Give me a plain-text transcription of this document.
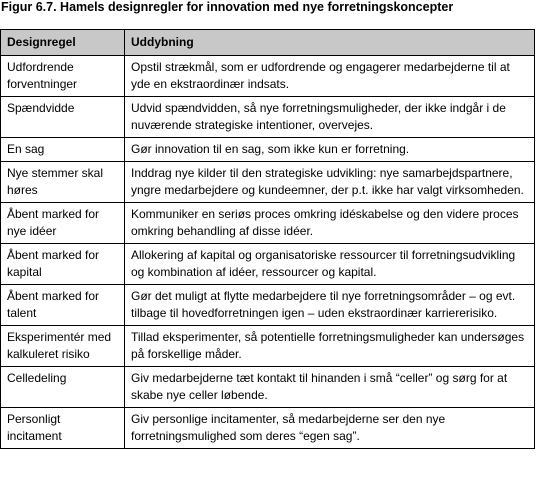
Figur 6.7. Hamels designregler for innovation med nye forretningskoncepter
Designregel	Uddybning
Udfordrende forventninger	Opstil strækmål, som er udfordrende og engagerer medarbejderne til at yde en ekstraordinær indsats.
Spændvidde	Udvid spændvidden, så nye forretningsmuligheder, der ikke indgår i de nuværende strategiske intentioner, overvejes.
En sag	Gør innovation til en sag, som ikke kun er forretning.
Nye stemmer skal høres	Inddrag nye kilder til den strategiske udvikling: nye samarbejdspartnere, yngre medarbejdere og kundeemner, der p.t. ikke har valgt virksomheden.
Åbent marked for nye idéer	Kommuniker en seriøs proces omkring idéskabelse og den videre proces omkring behandling af disse idéer.
Åbent marked for kapital	Allokering af kapital og organisatoriske ressourcer til forretningsudvikling og kombination af idéer, ressourcer og kapital.
Åbent marked for talent	Gør det muligt at flytte medarbejdere til nye forretningsområder – og evt. tilbage til hovedforretningen igen – uden ekstraordinær karriererisiko.
Eksperimentér med kalkuleret risiko	Tillad eksperimenter, så potentielle forretningsmuligheder kan undersøges på forskellige måder.
Celledeling	Giv medarbejderne tæt kontakt til hinanden i små “celler” og sørg for at skabe nye celler løbende.
Personligt incitament	Giv personlige incitamenter, så medarbejderne ser den nye forretningsmulighed som deres “egen sag”.
